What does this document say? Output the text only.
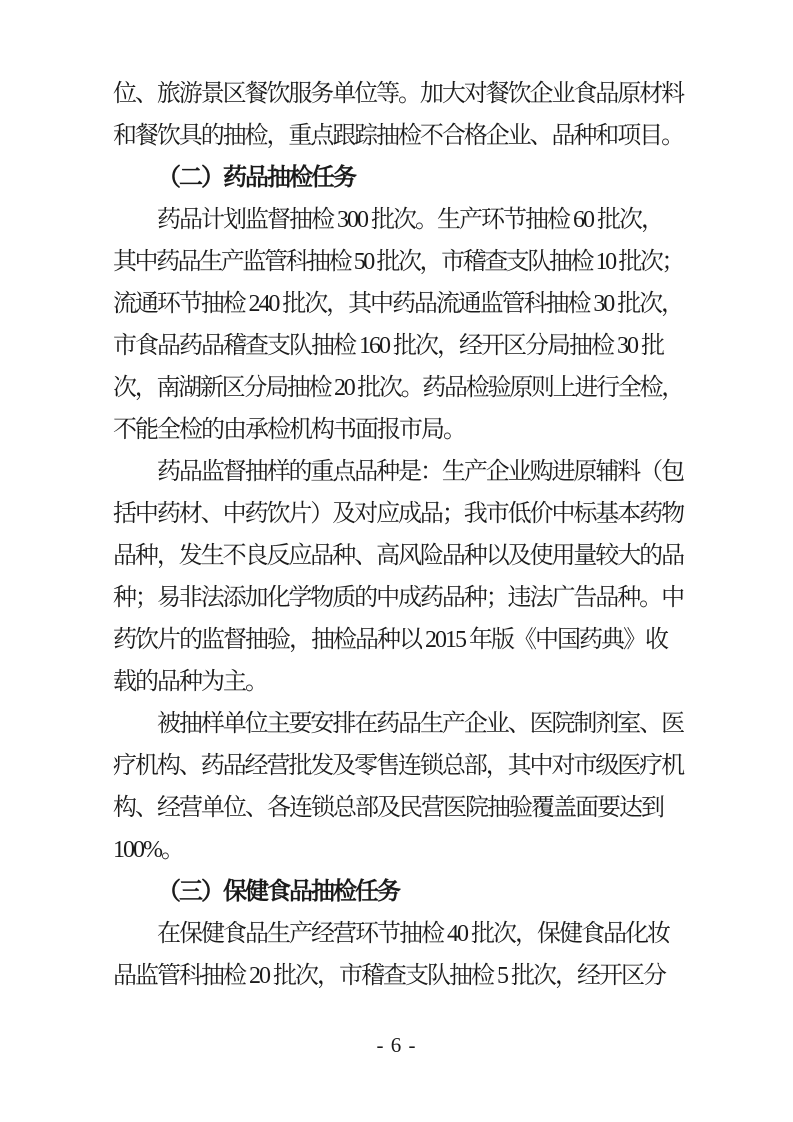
位、旅游景区餐饮服务单位等。加大对餐饮企业食品原材料
和餐饮具的抽检，重点跟踪抽检不合格企业、品种和项目。
（二）药品抽检任务
药品计划监督抽检 300 批次。生产环节抽检 60 批次，
其中药品生产监管科抽检 50 批次，市稽查支队抽检 10 批次；
流通环节抽检 240 批次，其中药品流通监管科抽检 30 批次，
市食品药品稽查支队抽检 160 批次，经开区分局抽检 30 批
次，南湖新区分局抽检 20 批次。药品检验原则上进行全检，
不能全检的由承检机构书面报市局。
药品监督抽样的重点品种是：生产企业购进原辅料（包
括中药材、中药饮片）及对应成品；我市低价中标基本药物
品种，发生不良反应品种、高风险品种以及使用量较大的品
种；易非法添加化学物质的中成药品种；违法广告品种。中
药饮片的监督抽验，抽检品种以 2015 年版《中国药典》收
载的品种为主。
被抽样单位主要安排在药品生产企业、医院制剂室、医
疗机构、药品经营批发及零售连锁总部，其中对市级医疗机
构、经营单位、各连锁总部及民营医院抽验覆盖面要达到
100%。
（三）保健食品抽检任务
在保健食品生产经营环节抽检 40 批次，保健食品化妆
品监管科抽检 20 批次，市稽查支队抽检 5 批次，经开区分
- 6 -
